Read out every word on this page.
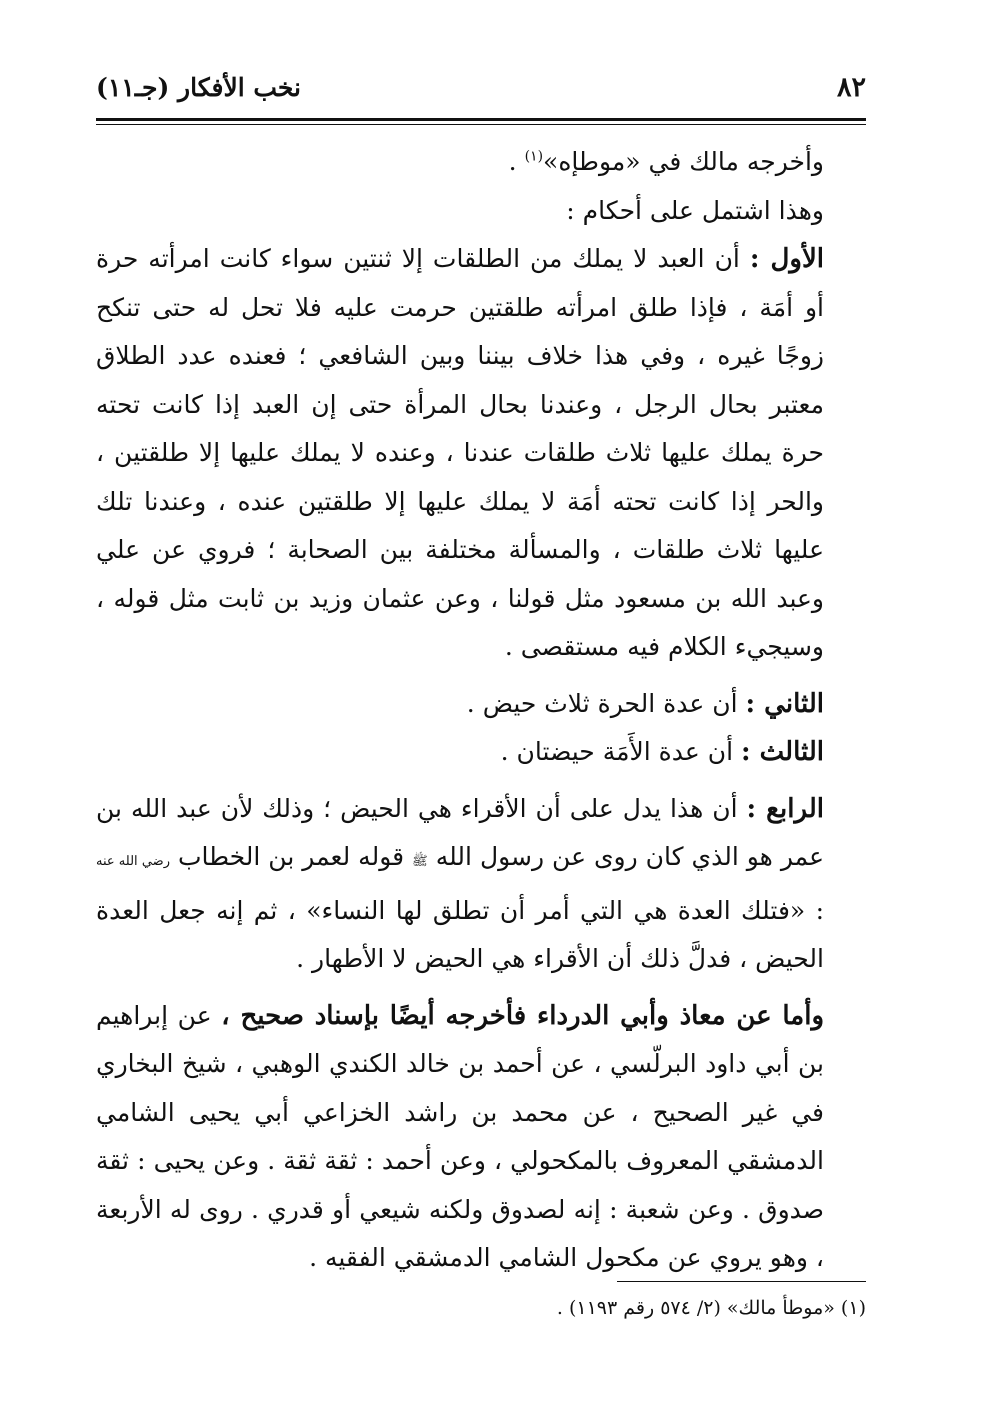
٨٢
نخب الأفكار (جـ١١)

وأخرجه مالك في «موطإه»$^{(١)}$ .

وهذا اشتمل على أحكام :

الأول : أن العبد لا يملك من الطلقات إلا ثنتين سواء كانت امرأته حرة أو أمَة ، فإذا طلق امرأته طلقتين حرمت عليه فلا تحل له حتى تنكح زوجًا غيره ، وفي هذا خلاف بيننا وبين الشافعي ؛ فعنده عدد الطلاق معتبر بحال الرجل ، وعندنا بحال المرأة حتى إن العبد إذا كانت تحته حرة يملك عليها ثلاث طلقات عندنا ، وعنده لا يملك عليها إلا طلقتين ، والحر إذا كانت تحته أمَة لا يملك عليها إلا طلقتين عنده ، وعندنا تلك عليها ثلاث طلقات ، والمسألة مختلفة بين الصحابة ؛ فروي عن علي وعبد الله بن مسعود مثل قولنا ، وعن عثمان وزيد بن ثابت مثل قوله ، وسيجيء الكلام فيه مستقصى .

الثاني : أن عدة الحرة ثلاث حيض .

الثالث : أن عدة الأَمَة حيضتان .

الرابع : أن هذا يدل على أن الأقراء هي الحيض ؛ وذلك لأن عبد الله بن عمر هو الذي كان روى عن رسول الله ﷺ قوله لعمر بن الخطاب رضي الله عنه : «فتلك العدة هي التي أمر أن تطلق لها النساء» ، ثم إنه جعل العدة الحيض ، فدلَّ ذلك أن الأقراء هي الحيض لا الأطهار .

وأما عن معاذ وأبي الدرداء فأخرجه أيضًا بإسناد صحيح ، عن إبراهيم بن أبي داود البرلّسي ، عن أحمد بن خالد الكندي الوهبي ، شيخ البخاري في غير الصحيح ، عن محمد بن راشد الخزاعي أبي يحيى الشامي الدمشقي المعروف بالمكحولي ، وعن أحمد : ثقة ثقة . وعن يحيى : ثقة صدوق . وعن شعبة : إنه لصدوق ولكنه شيعي أو قدري . روى له الأربعة ، وهو يروي عن مكحول الشامي الدمشقي الفقيه .

(١) «موطأ مالك» (٢/ ٥٧٤ رقم ١١٩٣) .
